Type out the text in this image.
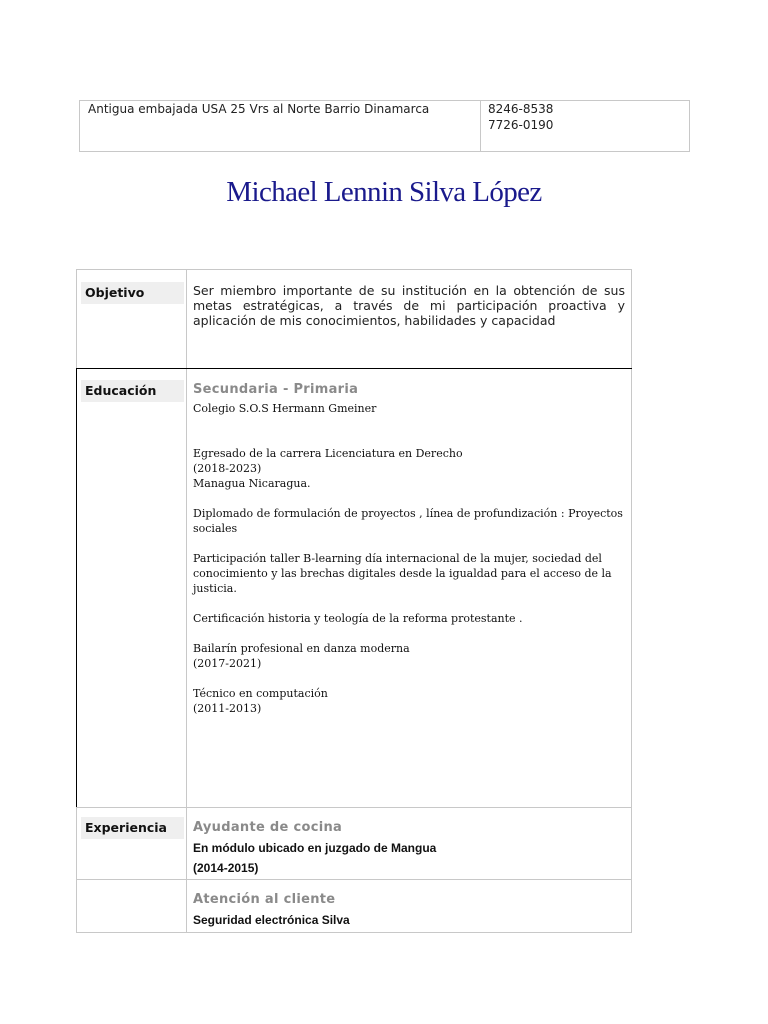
Antigua embajada USA 25 Vrs al Norte Barrio Dinamarca	8246-8538
7726-0190
Michael Lennin Silva López
Objetivo	Ser miembro importante de su institución en la obtención de sus metas estratégicas, a través de mi participación proactiva y aplicación de mis conocimientos, habilidades y capacidad
Educación	Secundaria - Primaria
Colegio S.O.S Hermann Gmeiner
Egresado de la carrera Licenciatura en Derecho
(2018-2023)
Managua Nicaragua.
Diplomado de formulación de proyectos , línea de profundización : Proyectos
sociales
Participación taller B-learning día internacional de la mujer, sociedad del
conocimiento y las brechas digitales desde la igualdad para el acceso de la
justicia.
Certificación historia y teología de la reforma protestante .
Bailarín profesional en danza moderna
(2017-2021)
Técnico en computación
(2011-2013)
Experiencia	Ayudante de cocina
En módulo ubicado en juzgado de Mangua
(2014-2015)
Atención al cliente
Seguridad electrónica Silva
